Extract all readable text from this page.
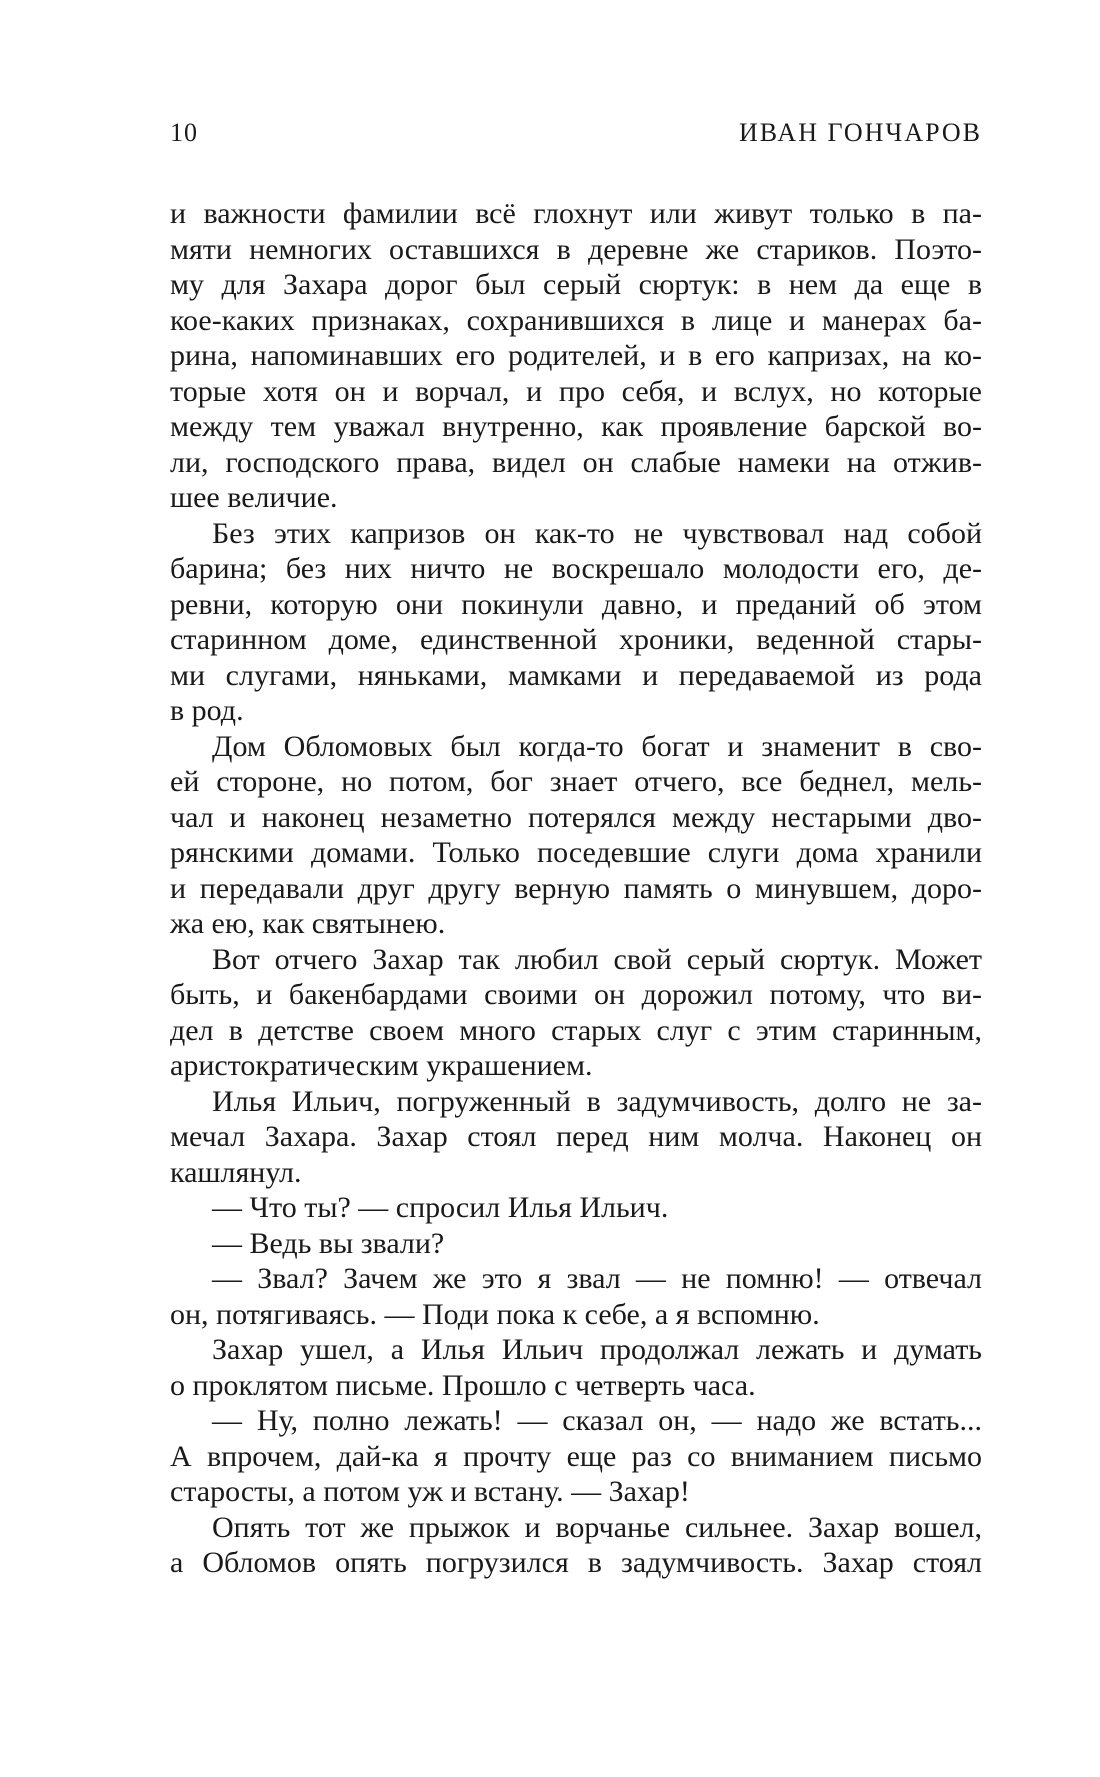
10	ИВАН ГОНЧАРОВ
и важности фамилии всё глохнут или живут только в па-
мяти немногих оставшихся в деревне же стариков. Поэто-
му для Захара дорог был серый сюртук: в нем да еще в
кое-каких признаках, сохранившихся в лице и манерах ба-
рина, напоминавших его родителей, и в его капризах, на ко-
торые хотя он и ворчал, и про себя, и вслух, но которые
между тем уважал внутренно, как проявление барской во-
ли, господского права, видел он слабые намеки на отжив-
шее величие.
Без этих капризов он как-то не чувствовал над собой
барина; без них ничто не воскрешало молодости его, де-
ревни, которую они покинули давно, и преданий об этом
старинном доме, единственной хроники, веденной стары-
ми слугами, няньками, мамками и передаваемой из рода
в род.
Дом Обломовых был когда-то богат и знаменит в сво-
ей стороне, но потом, бог знает отчего, все беднел, мель-
чал и наконец незаметно потерялся между нестарыми дво-
рянскими домами. Только поседевшие слуги дома хранили
и передавали друг другу верную память о минувшем, доро-
жа ею, как святынею.
Вот отчего Захар так любил свой серый сюртук. Может
быть, и бакенбардами своими он дорожил потому, что ви-
дел в детстве своем много старых слуг с этим старинным,
аристократическим украшением.
Илья Ильич, погруженный в задумчивость, долго не за-
мечал Захара. Захар стоял перед ним молча. Наконец он
кашлянул.
— Что ты? — спросил Илья Ильич.
— Ведь вы звали?
— Звал? Зачем же это я звал — не помню! — отвечал
он, потягиваясь. — Поди пока к себе, а я вспомню.
Захар ушел, а Илья Ильич продолжал лежать и думать
о проклятом письме. Прошло с четверть часа.
— Ну, полно лежать! — сказал он, — надо же встать...
А впрочем, дай-ка я прочту еще раз со вниманием письмо
старосты, а потом уж и встану. — Захар!
Опять тот же прыжок и ворчанье сильнее. Захар вошел,
а Обломов опять погрузился в задумчивость. Захар стоял
